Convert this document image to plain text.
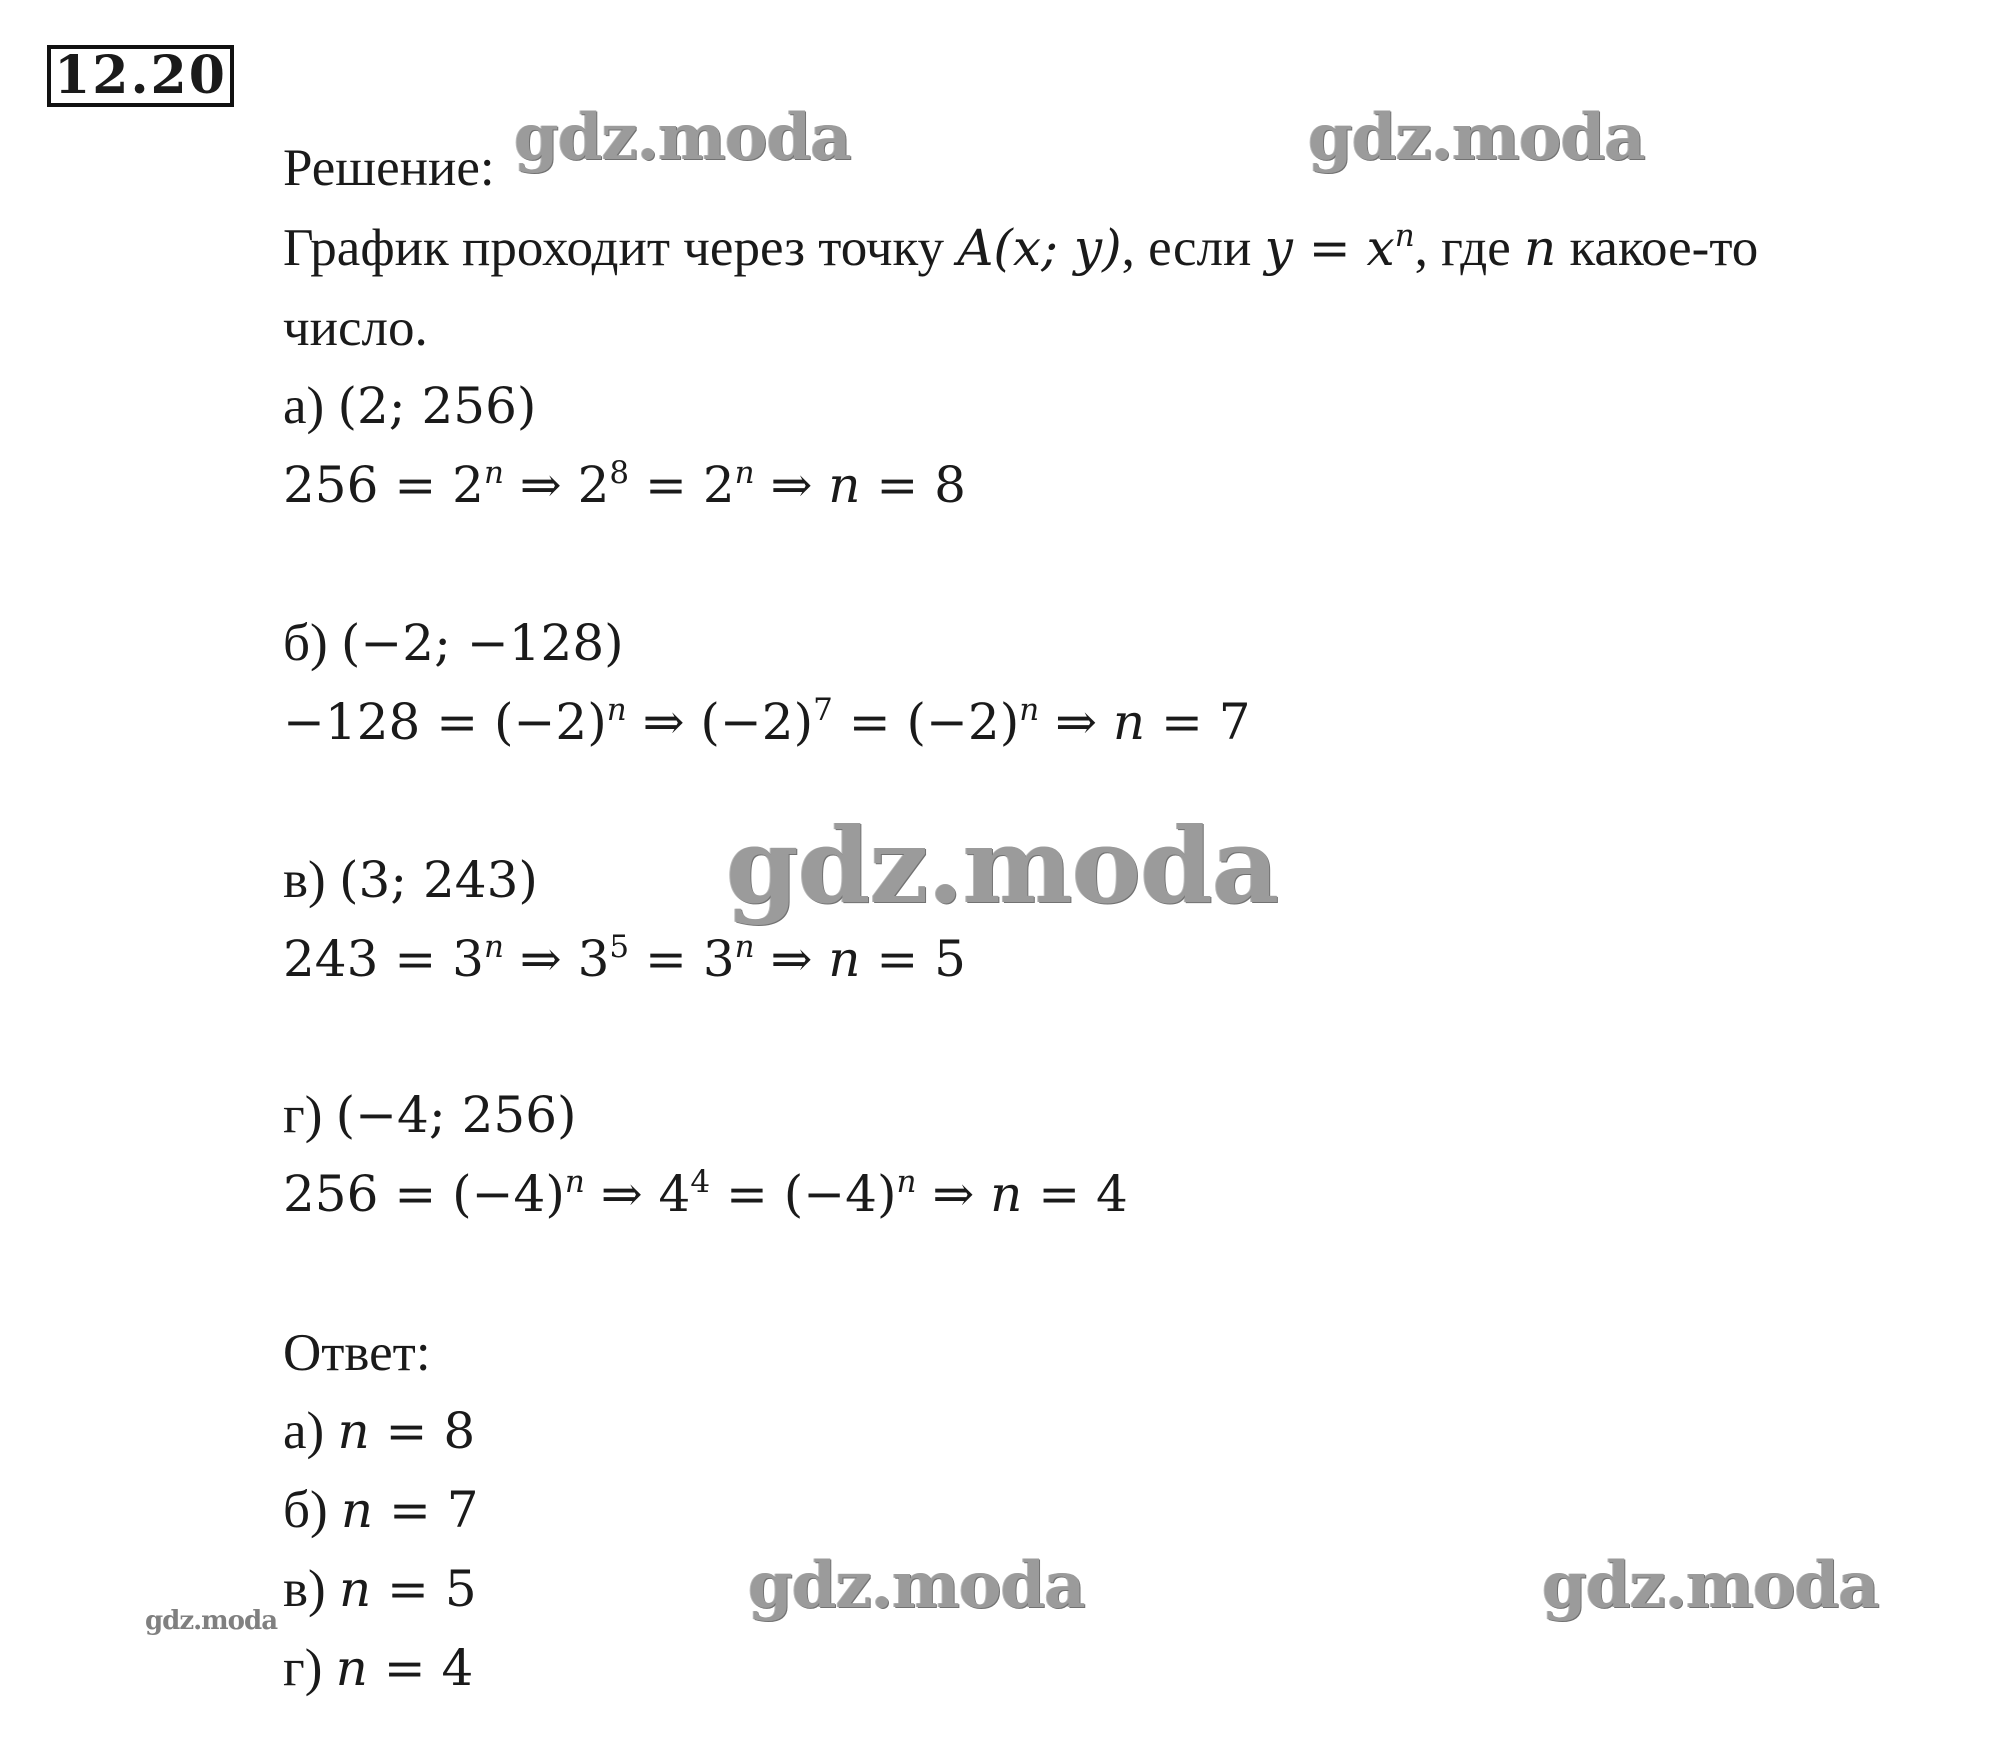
12.20
Решение:
График проходит через точку A(x; y), если $y = x^n$, где n какое-то
число.
а) (2; 256)
$256 = 2^n$ ⇒ $2^8 = 2^n$ ⇒ n = 8
б) (−2; −128)
$-128 = (-2)^n$ ⇒ $(-2)^7 = (-2)^n$ ⇒ n = 7
в) (3; 243)
$243 = 3^n$ ⇒ $3^5 = 3^n$ ⇒ n = 5
г) (−4; 256)
$256 = (-4)^n$ ⇒ $4^4 = (-4)^n$ ⇒ n = 4
Ответ:
а) n = 8
б) n = 7
в) n = 5
г) n = 4
gdz.moda	gdz.moda
gdz.moda
gdz.moda	gdz.moda
gdz.moda
